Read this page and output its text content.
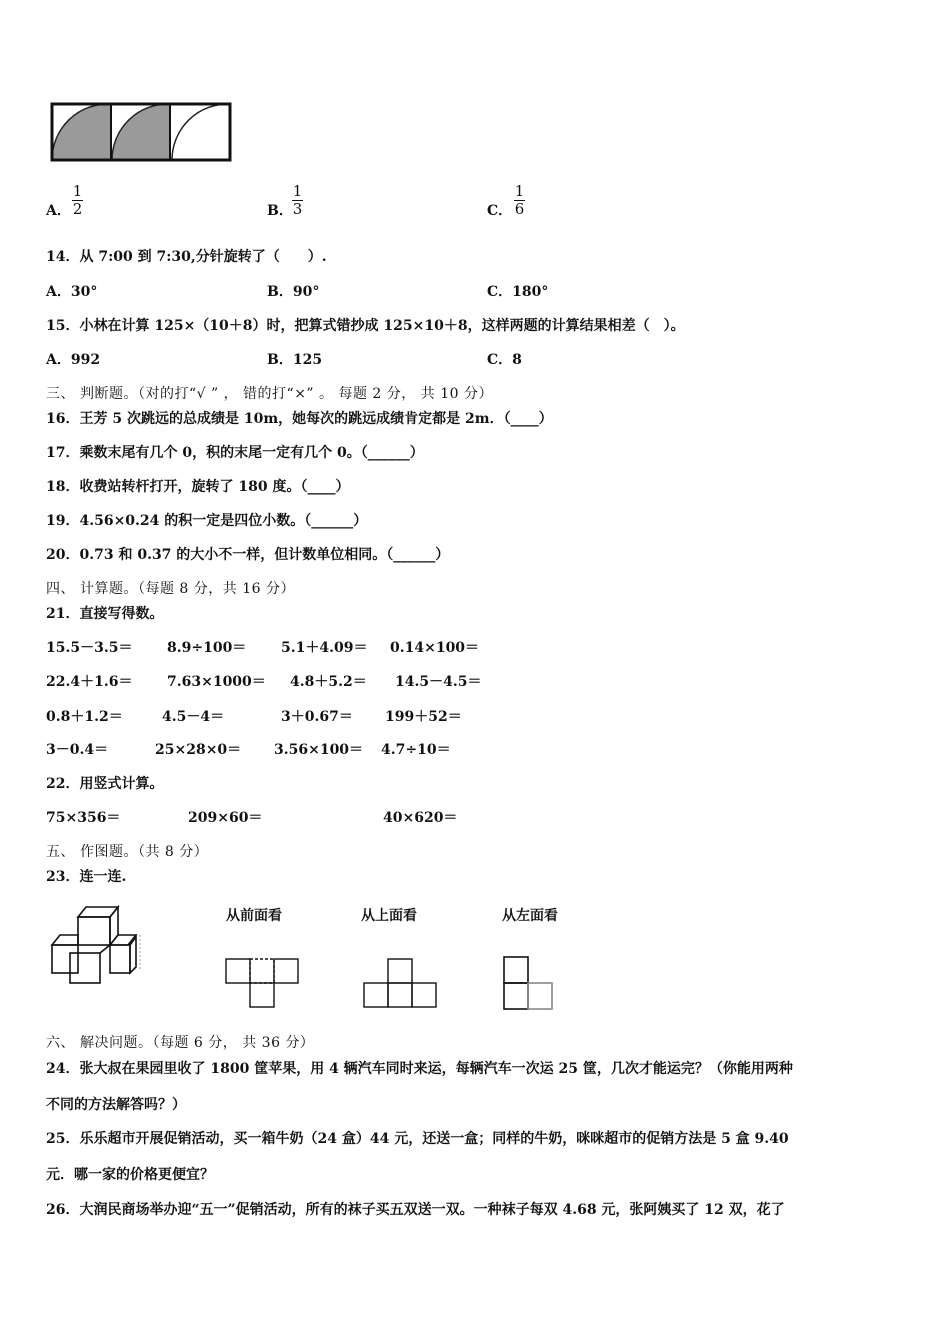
A．
1
2	B．
1
3	C．
1
6
14．从 7:00 到 7:30,分针旋转了（　　）.
A．30°	B．90°	C．180°
15．小林在计算 125×（10＋8）时，把算式错抄成 125×10＋8，这样两题的计算结果相差（　）。
A．992	B．125	C．8
三、 判断题。（对的打“√ ” ， 错的打“×” 。 每题 2 分， 共 10 分）
16．王芳 5 次跳远的总成绩是 10m，她每次的跳远成绩肯定都是 2m．（____）
17．乘数末尾有几个 0，积的末尾一定有几个 0。（______）
18．收费站转杆打开，旋转了 180 度。（____）
19．4.56×0.24 的积一定是四位小数。（______）
20．0.73 和 0.37 的大小不一样，但计数单位相同。（______）
四、 计算题。（每题 8 分，共 16 分）
21．直接写得数。
15.5－3.5＝ 8.9÷100＝ 5.1＋4.09＝ 0.14×100＝
22.4＋1.6＝ 7.63×1000＝ 4.8＋5.2＝ 14.5－4.5＝
0.8＋1.2＝	4.5－4＝	3＋0.67＝ 199＋52＝
3－0.4＝	25×28×0＝ 3.56×100＝ 4.7÷10＝
22．用竖式计算。
75×356＝	209×60＝	40×620＝
五、 作图题。（共 8 分）
23．连一连.
从前面看	从上面看	从左面看
六、 解决问题。（每题 6 分， 共 36 分）
24．张大叔在果园里收了 1800 筐苹果，用 4 辆汽车同时来运，每辆汽车一次运 25 筐，几次才能运完？（你能用两种
不同的方法解答吗？）
25．乐乐超市开展促销活动，买一箱牛奶（24 盒）44 元，还送一盒；同样的牛奶，咪咪超市的促销方法是 5 盒 9.40
元．哪一家的价格更便宜？
26．大润民商场举办迎“五一”促销活动，所有的袜子买五双送一双。一种袜子每双 4.68 元，张阿姨买了 12 双，花了
